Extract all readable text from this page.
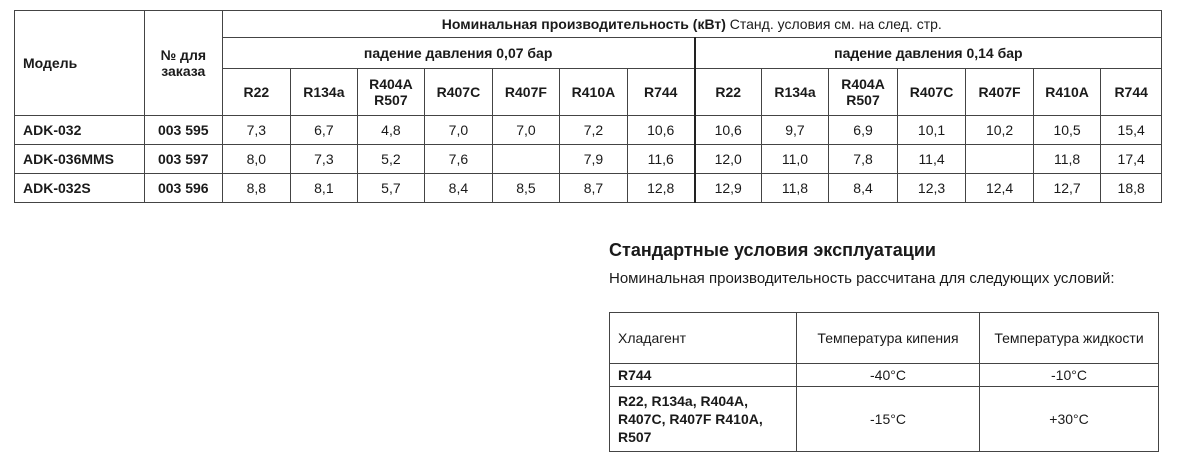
Модель	№ для заказа	Номинальная производительность (кВт) Станд. условия см. на след. стр.													
		падение давления 0,07 бар							падение давления 0,14 бар						
		R22	R134a	R404A R507	R407C	R407F	R410A	R744	R22	R134a	R404A R507	R407C	R407F	R410A	R744
ADK-032	003 595	7,3	6,7	4,8	7,0	7,0	7,2	10,6	10,6	9,7	6,9	10,1	10,2	10,5	15,4
ADK-036MMS	003 597	8,0	7,3	5,2	7,6		7,9	11,6	12,0	11,0	7,8	11,4		11,8	17,4
ADK-032S	003 596	8,8	8,1	5,7	8,4	8,5	8,7	12,8	12,9	11,8	8,4	12,3	12,4	12,7	18,8
Стандартные условия эксплуатации
Номинальная производительность рассчитана для следующих условий:
Хладагент	Температура кипения	Температура жидкости
R744	-40°C	-10°C
R22, R134a, R404A, R407C, R407F R410A, R507	-15°C	+30°C
